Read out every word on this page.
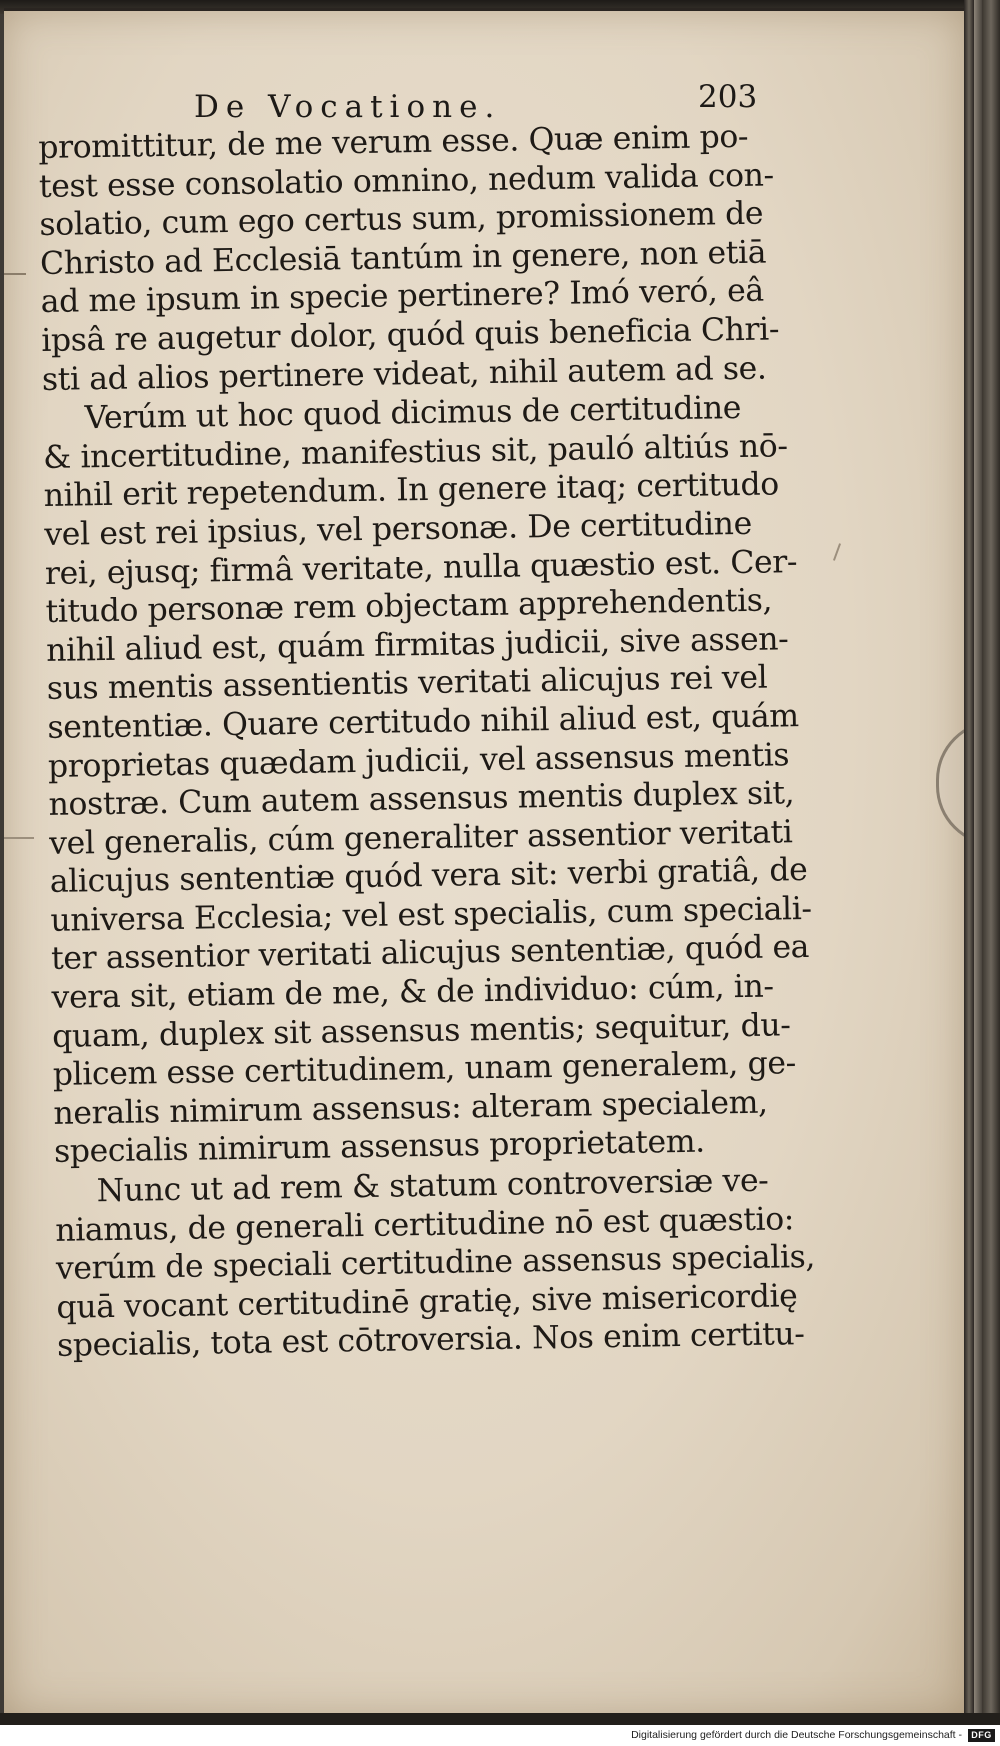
De Vocatione.	203
promittitur, de me verum esse. Quæ enim po-
test esse consolatio omnino, nedum valida con-
solatio, cum ego certus sum, promissionem de
Christo ad Ecclesiā tantúm in genere, non etiā
ad me ipsum in specie pertinere? Imó veró, eâ
ipsâ re augetur dolor, quód quis beneficia Chri-
sti ad alios pertinere videat, nihil autem ad se.
Verúm ut hoc quod dicimus de certitudine
& incertitudine, manifestius sit, pauló altiús nō-
nihil erit repetendum. In genere itaq; certitudo
vel est rei ipsius, vel personæ. De certitudine
rei, ejusq; firmâ veritate, nulla quæstio est. Cer-
titudo personæ rem objectam apprehendentis,
nihil aliud est, quám firmitas judicii, sive assen-
sus mentis assentientis veritati alicujus rei vel
sententiæ. Quare certitudo nihil aliud est, quám
proprietas quædam judicii, vel assensus mentis
nostræ. Cum autem assensus mentis duplex sit,
vel generalis, cúm generaliter assentior veritati
alicujus sententiæ quód vera sit: verbi gratiâ, de
universa Ecclesia; vel est specialis, cum speciali-
ter assentior veritati alicujus sententiæ, quód ea
vera sit, etiam de me, & de individuo: cúm, in-
quam, duplex sit assensus mentis; sequitur, du-
plicem esse certitudinem, unam generalem, ge-
neralis nimirum assensus: alteram specialem,
specialis nimirum assensus proprietatem.
Nunc ut ad rem & statum controversiæ ve-
niamus, de generali certitudine nō est quæstio:
verúm de speciali certitudine assensus specialis,
quā vocant certitudinē gratię, sive misericordię
specialis, tota est cōtroversia. Nos enim certitu-
Digitalisierung gefördert durch die Deutsche Forschungsgemeinschaft -	DFG
